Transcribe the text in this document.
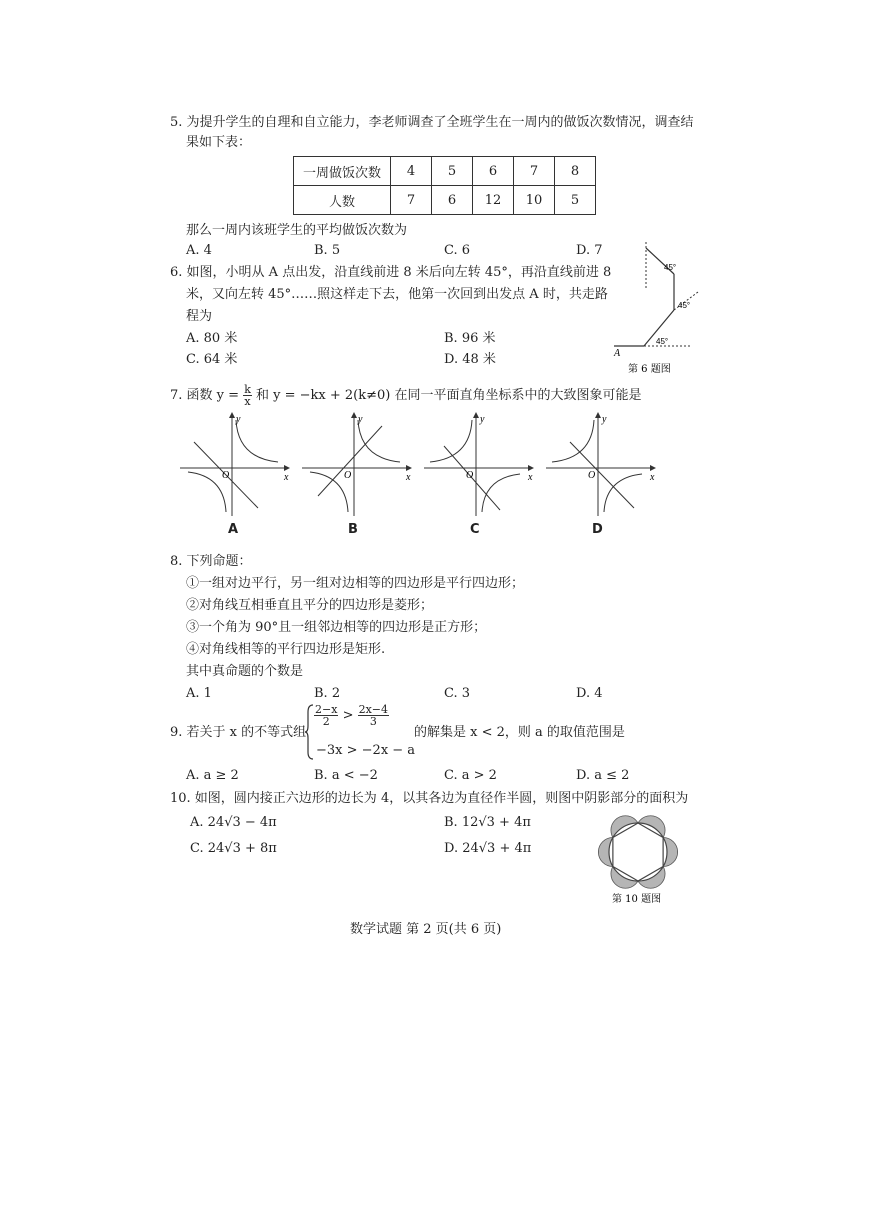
5. 为提升学生的自理和自立能力，李老师调查了全班学生在一周内的做饭次数情况，调查结
果如下表：
一周做饭次数	4	5	6	7	8
人数	7	6	12	10	5
那么一周内该班学生的平均做饭次数为
A. 4	B. 5	C. 6	D. 7
6. 如图，小明从 A 点出发，沿直线前进 8 米后向左转 45°，再沿直线前进 8
米，又向左转 45°……照这样走下去，他第一次回到出发点 A 时，共走路
程为
A. 80 米	B. 96 米
C. 64 米	D. 48 米
45°
45°
45°
A
第 6 题图
7. 函数 $y = \frac{k}{x}$ 和 y = −kx + 2(k≠0) 在同一平面直角坐标系中的大致图象可能是
x
y
O
A
x
y
O
B
x
y
O
C
x
y
O
D
8. 下列命题：
①一组对边平行，另一组对边相等的四边形是平行四边形；
②对角线互相垂直且平分的四边形是菱形；
③一个角为 90°且一组邻边相等的四边形是正方形；
④对角线相等的平行四边形是矩形.
其中真命题的个数是
A. 1	B. 2	C. 3	D. 4
9. 若关于 x 的不等式组
$\frac{2-x}{2} > \frac{2x-4}{3}$
−3x > −2x − a
的解集是 x < 2，则 a 的取值范围是
A. a ≥ 2	B. a < −2	C. a > 2	D. a ≤ 2
10. 如图，圆内接正六边形的边长为 4，以其各边为直径作半圆，则图中阴影部分的面积为
A. 24√3 − 4π	B. 12√3 + 4π
C. 24√3 + 8π	D. 24√3 + 4π
第 10 题图
数学试题 第 2 页(共 6 页)
